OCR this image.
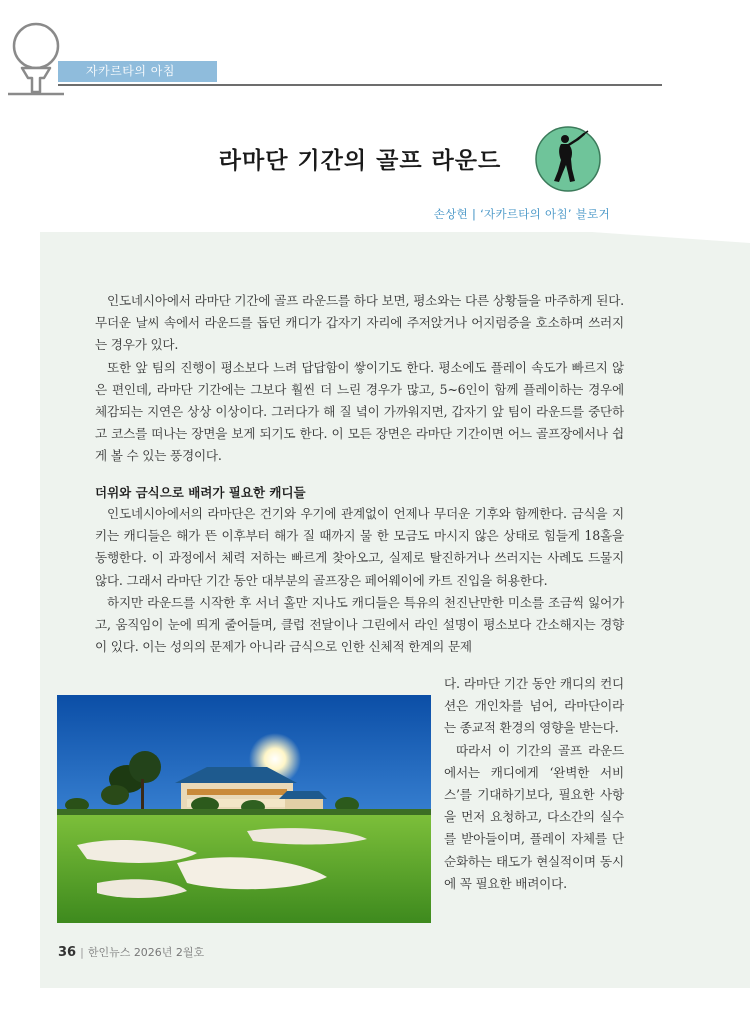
자카르타의 아침
라마단 기간의 골프 라운드
손상현 | ‘자카르타의 아침’ 블로거

인도네시아에서 라마단 기간에 골프 라운드를 하다 보면, 평소와는 다른 상황들을 마주하게 된다. 무더운 날씨 속에서 라운드를 돕던 캐디가 갑자기 자리에 주저앉거나 어지럼증을 호소하며 쓰러지는 경우가 있다.

또한 앞 팀의 진행이 평소보다 느려 답답함이 쌓이기도 한다. 평소에도 플레이 속도가 빠르지 않은 편인데, 라마단 기간에는 그보다 훨씬 더 느린 경우가 많고, 5~6인이 함께 플레이하는 경우에 체감되는 지연은 상상 이상이다. 그러다가 해 질 녘이 가까워지면, 갑자기 앞 팀이 라운드를 중단하고 코스를 떠나는 장면을 보게 되기도 한다. 이 모든 장면은 라마단 기간이면 어느 골프장에서나 쉽게 볼 수 있는 풍경이다.

더위와 금식으로 배려가 필요한 캐디들

인도네시아에서의 라마단은 건기와 우기에 관계없이 언제나 무더운 기후와 함께한다. 금식을 지키는 캐디들은 해가 뜬 이후부터 해가 질 때까지 물 한 모금도 마시지 않은 상태로 힘들게 18홀을 동행한다. 이 과정에서 체력 저하는 빠르게 찾아오고, 실제로 탈진하거나 쓰러지는 사례도 드물지 않다. 그래서 라마단 기간 동안 대부분의 골프장은 페어웨이에 카트 진입을 허용한다.

하지만 라운드를 시작한 후 서너 홀만 지나도 캐디들은 특유의 천진난만한 미소를 조금씩 잃어가고, 움직임이 눈에 띄게 줄어들며, 클럽 전달이나 그린에서 라인 설명이 평소보다 간소해지는 경향이 있다. 이는 성의의 문제가 아니라 금식으로 인한 신체적 한계의 문제

다. 라마단 기간 동안 캐디의 컨디션은 개인차를 넘어, 라마단이라는 종교적 환경의 영향을 받는다.

따라서 이 기간의 골프 라운드에서는 캐디에게 ‘완벽한 서비스’를 기대하기보다, 필요한 사항을 먼저 요청하고, 다소간의 실수를 받아들이며, 플레이 자체를 단순화하는 태도가 현실적이며 동시에 꼭 필요한 배려이다.

36 | 한인뉴스 2026년 2월호
